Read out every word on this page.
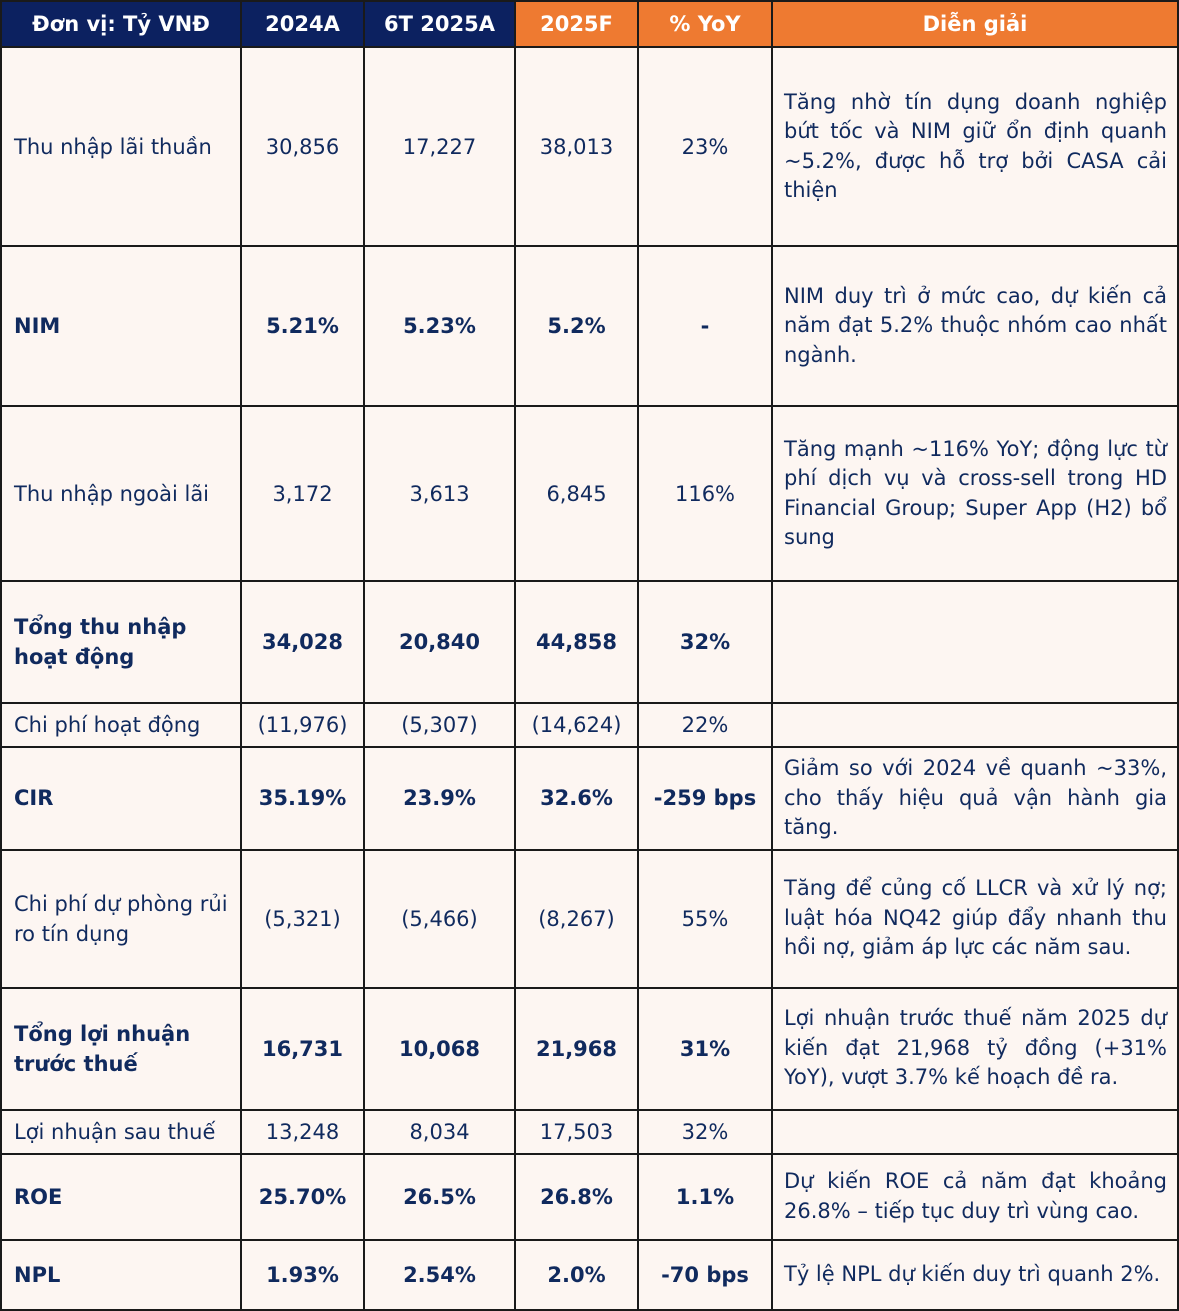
Đơn vị: Tỷ VNĐ	2024A	6T 2025A	2025F	% YoY	Diễn giải
Thu nhập lãi thuần	30,856	17,227	38,013	23%	Tăng nhờ tín dụng doanh nghiệp bứt tốc và NIM giữ ổn định quanh ~5.2%, được hỗ trợ bởi CASA cải thiện
NIM	5.21%	5.23%	5.2%	-	NIM duy trì ở mức cao, dự kiến cả năm đạt 5.2% thuộc nhóm cao nhất ngành.
Thu nhập ngoài lãi	3,172	3,613	6,845	116%	Tăng mạnh ~116% YoY; động lực từ phí dịch vụ và cross-sell trong HD Financial Group; Super App (H2) bổ sung
Tổng thu nhập hoạt động	34,028	20,840	44,858	32%	
Chi phí hoạt động	(11,976)	(5,307)	(14,624)	22%	
CIR	35.19%	23.9%	32.6%	-259 bps	Giảm so với 2024 về quanh ~33%, cho thấy hiệu quả vận hành gia tăng.
Chi phí dự phòng rủi ro tín dụng	(5,321)	(5,466)	(8,267)	55%	Tăng để củng cố LLCR và xử lý nợ; luật hóa NQ42 giúp đẩy nhanh thu hồi nợ, giảm áp lực các năm sau.
Tổng lợi nhuận trước thuế	16,731	10,068	21,968	31%	Lợi nhuận trước thuế năm 2025 dự kiến đạt 21,968 tỷ đồng (+31% YoY), vượt 3.7% kế hoạch đề ra.
Lợi nhuận sau thuế	13,248	8,034	17,503	32%	
ROE	25.70%	26.5%	26.8%	1.1%	Dự kiến ROE cả năm đạt khoảng 26.8% – tiếp tục duy trì vùng cao.
NPL	1.93%	2.54%	2.0%	-70 bps	Tỷ lệ NPL dự kiến duy trì quanh 2%.
